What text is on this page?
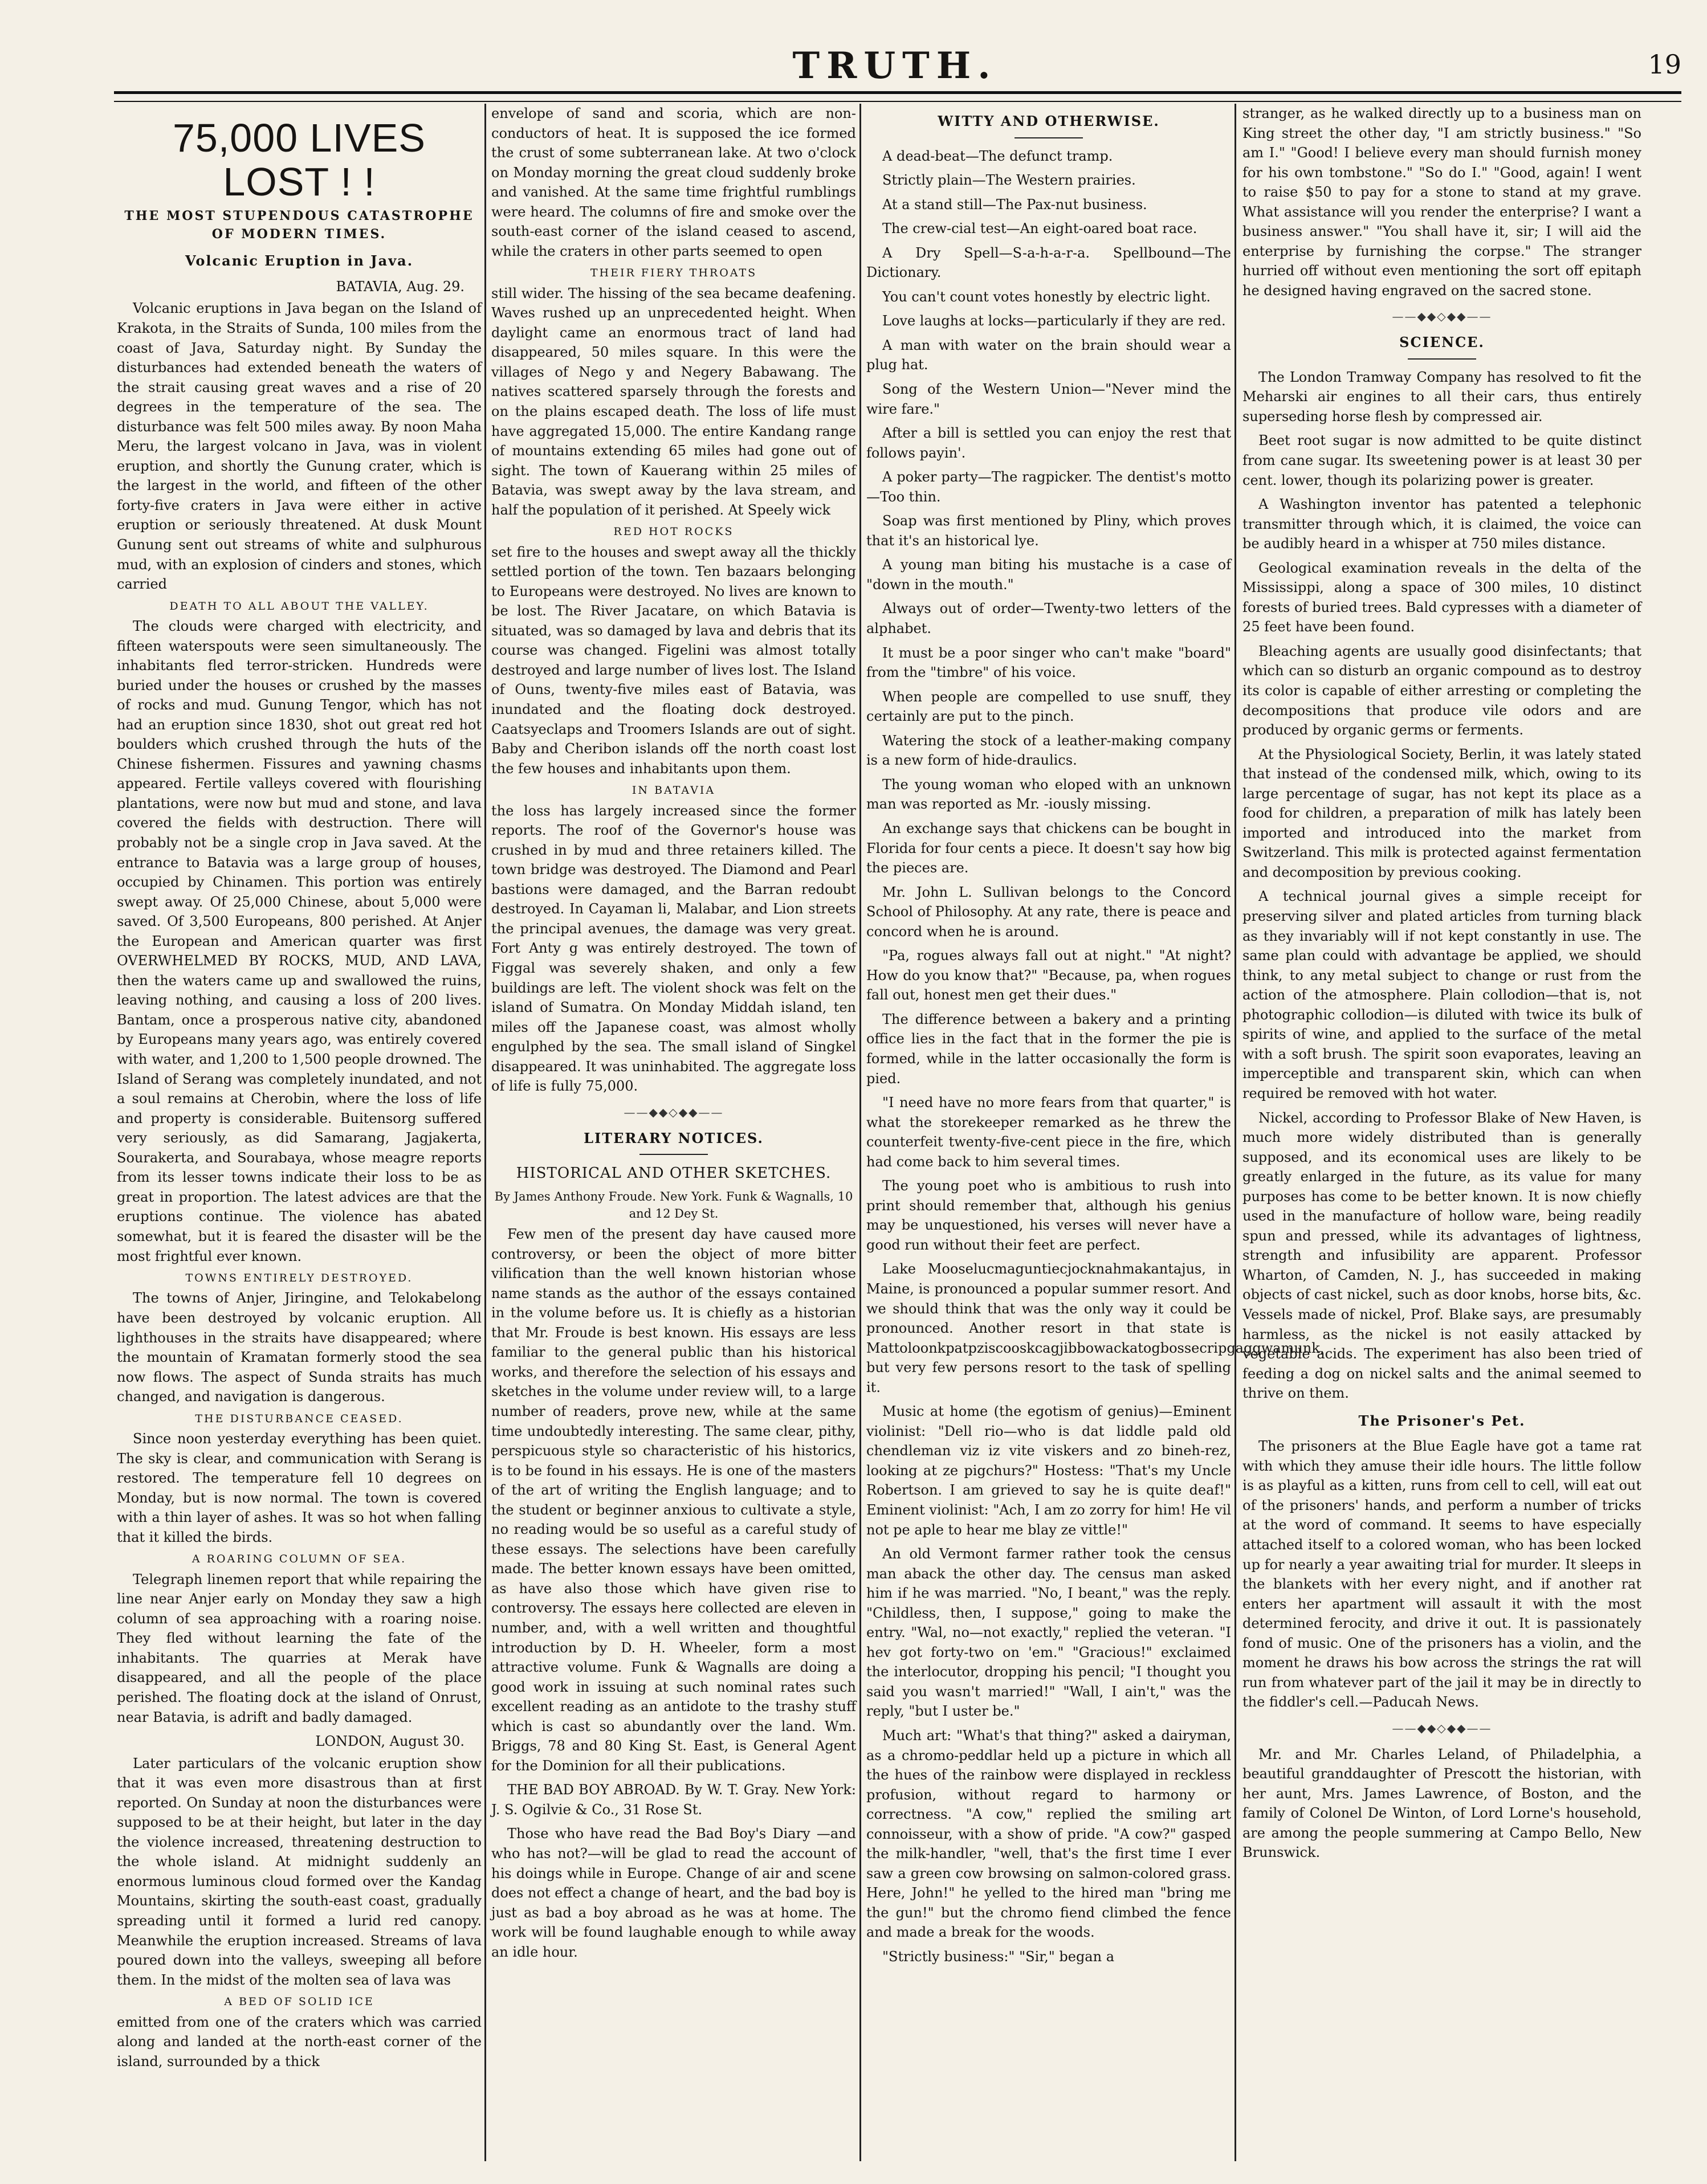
TRUTH.	19
75,000 LIVES LOST ! !
THE MOST STUPENDOUS CATASTROPHE OF MODERN TIMES.
Volcanic Eruption in Java.
BATAVIA, Aug. 29.

Volcanic eruptions in Java began on the Island of Krakota, in the Straits of Sunda, 100 miles from the coast of Java, Saturday night. By Sunday the disturbances had extended beneath the waters of the strait causing great waves and a rise of 20 degrees in the temperature of the sea. The disturbance was felt 500 miles away. By noon Maha Meru, the largest volcano in Java, was in violent eruption, and shortly the Gunung crater, which is the largest in the world, and fifteen of the other forty-five craters in Java were either in active eruption or seriously threatened. At dusk Mount Gunung sent out streams of white and sulphurous mud, with an explosion of cinders and stones, which carried

DEATH TO ALL ABOUT THE VALLEY.

The clouds were charged with electricity, and fifteen waterspouts were seen simultaneously. The inhabitants fled terror-stricken. Hundreds were buried under the houses or crushed by the masses of rocks and mud. Gunung Tengor, which has not had an eruption since 1830, shot out great red hot boulders which crushed through the huts of the Chinese fishermen. Fissures and yawning chasms appeared. Fertile valleys covered with flourishing plantations, were now but mud and stone, and lava covered the fields with destruction. There will probably not be a single crop in Java saved. At the entrance to Batavia was a large group of houses, occupied by Chinamen. This portion was entirely swept away. Of 25,000 Chinese, about 5,000 were saved. Of 3,500 Europeans, 800 perished. At Anjer the European and American quarter was first OVERWHELMED BY ROCKS, MUD, AND LAVA, then the waters came up and swallowed the ruins, leaving nothing, and causing a loss of 200 lives. Bantam, once a prosperous native city, abandoned by Europeans many years ago, was entirely covered with water, and 1,200 to 1,500 people drowned. The Island of Serang was completely inundated, and not a soul remains at Cherobin, where the loss of life and property is considerable. Buitensorg suffered very seriously, as did Samarang, Jagjakerta, Sourakerta, and Sourabaya, whose meagre reports from its lesser towns indicate their loss to be as great in proportion. The latest advices are that the eruptions continue. The violence has abated somewhat, but it is feared the disaster will be the most frightful ever known.

TOWNS ENTIRELY DESTROYED.

The towns of Anjer, Jiringine, and Telokabelong have been destroyed by volcanic eruption. All lighthouses in the straits have disappeared; where the mountain of Kramatan formerly stood the sea now flows. The aspect of Sunda straits has much changed, and navigation is dangerous.

THE DISTURBANCE CEASED.

Since noon yesterday everything has been quiet. The sky is clear, and communication with Serang is restored. The temperature fell 10 degrees on Monday, but is now normal. The town is covered with a thin layer of ashes. It was so hot when falling that it killed the birds.

A ROARING COLUMN OF SEA.

Telegraph linemen report that while repairing the line near Anjer early on Monday they saw a high column of sea approaching with a roaring noise. They fled without learning the fate of the inhabitants. The quarries at Merak have disappeared, and all the people of the place perished. The floating dock at the island of Onrust, near Batavia, is adrift and badly damaged.

LONDON, August 30.

Later particulars of the volcanic eruption show that it was even more disastrous than at first reported. On Sunday at noon the disturbances were supposed to be at their height, but later in the day the violence increased, threatening destruction to the whole island. At midnight suddenly an enormous luminous cloud formed over the Kandag Mountains, skirting the south-east coast, gradually spreading until it formed a lurid red canopy. Meanwhile the eruption increased. Streams of lava poured down into the valleys, sweeping all before them. In the midst of the molten sea of lava was

A BED OF SOLID ICE

emitted from one of the craters which was carried along and landed at the north-east corner of the island, surrounded by a thick

envelope of sand and scoria, which are non-conductors of heat. It is supposed the ice formed the crust of some subterranean lake. At two o'clock on Monday morning the great cloud suddenly broke and vanished. At the same time frightful rumblings were heard. The columns of fire and smoke over the south-east corner of the island ceased to ascend, while the craters in other parts seemed to open

THEIR FIERY THROATS

still wider. The hissing of the sea became deafening. Waves rushed up an unprecedented height. When daylight came an enormous tract of land had disappeared, 50 miles square. In this were the villages of Nego y and Negery Babawang. The natives scattered sparsely through the forests and on the plains escaped death. The loss of life must have aggregated 15,000. The entire Kandang range of mountains extending 65 miles had gone out of sight. The town of Kauerang within 25 miles of Batavia, was swept away by the lava stream, and half the population of it perished. At Speely wick

RED HOT ROCKS

set fire to the houses and swept away all the thickly settled portion of the town. Ten bazaars belonging to Europeans were destroyed. No lives are known to be lost. The River Jacatare, on which Batavia is situated, was so damaged by lava and debris that its course was changed. Figelini was almost totally destroyed and large number of lives lost. The Island of Ouns, twenty-five miles east of Batavia, was inundated and the floating dock destroyed. Caatsyeclaps and Troomers Islands are out of sight. Baby and Cheribon islands off the north coast lost the few houses and inhabitants upon them.

IN BATAVIA

the loss has largely increased since the former reports. The roof of the Governor's house was crushed in by mud and three retainers killed. The town bridge was destroyed. The Diamond and Pearl bastions were damaged, and the Barran redoubt destroyed. In Cayaman li, Malabar, and Lion streets the principal avenues, the damage was very great. Fort Anty g was entirely destroyed. The town of Figgal was severely shaken, and only a few buildings are left. The violent shock was felt on the island of Sumatra. On Monday Middah island, ten miles off the Japanese coast, was almost wholly engulphed by the sea. The small island of Singkel disappeared. It was uninhabited. The aggregate loss of life is fully 75,000.

——◆◆◇◆◆——
LITERARY NOTICES.
HISTORICAL AND OTHER SKETCHES.
By James Anthony Froude. New York. Funk & Wagnalls, 10 and 12 Dey St.

Few men of the present day have caused more controversy, or been the object of more bitter vilification than the well known historian whose name stands as the author of the essays contained in the volume before us. It is chiefly as a historian that Mr. Froude is best known. His essays are less familiar to the general public than his historical works, and therefore the selection of his essays and sketches in the volume under review will, to a large number of readers, prove new, while at the same time undoubtedly interesting. The same clear, pithy, perspicuous style so characteristic of his historics, is to be found in his essays. He is one of the masters of the art of writing the English language; and to the student or beginner anxious to cultivate a style, no reading would be so useful as a careful study of these essays. The selections have been carefully made. The better known essays have been omitted, as have also those which have given rise to controversy. The essays here collected are eleven in number, and, with a well written and thoughtful introduction by D. H. Wheeler, form a most attractive volume. Funk & Wagnalls are doing a good work in issuing at such nominal rates such excellent reading as an antidote to the trashy stuff which is cast so abundantly over the land. Wm. Briggs, 78 and 80 King St. East, is General Agent for the Dominion for all their publications.

THE BAD BOY ABROAD. By W. T. Gray. New York: J. S. Ogilvie & Co., 31 Rose St.

Those who have read the Bad Boy's Diary —and who has not?—will be glad to read the account of his doings while in Europe. Change of air and scene does not effect a change of heart, and the bad boy is just as bad a boy abroad as he was at home. The work will be found laughable enough to while away an idle hour.

WITTY AND OTHERWISE.

A dead-beat—The defunct tramp.

Strictly plain—The Western prairies.

At a stand still—The Pax-nut business.

The crew-cial test—An eight-oared boat race.

A Dry Spell—S-a-h-a-r-a. Spellbound—The Dictionary.

You can't count votes honestly by electric light.

Love laughs at locks—particularly if they are red.

A man with water on the brain should wear a plug hat.

Song of the Western Union—"Never mind the wire fare."

After a bill is settled you can enjoy the rest that follows payin'.

A poker party—The ragpicker. The dentist's motto—Too thin.

Soap was first mentioned by Pliny, which proves that it's an historical lye.

A young man biting his mustache is a case of "down in the mouth."

Always out of order—Twenty-two letters of the alphabet.

It must be a poor singer who can't make "board" from the "timbre" of his voice.

When people are compelled to use snuff, they certainly are put to the pinch.

Watering the stock of a leather-making company is a new form of hide-draulics.

The young woman who eloped with an unknown man was reported as Mr. -iously missing.

An exchange says that chickens can be bought in Florida for four cents a piece. It doesn't say how big the pieces are.

Mr. John L. Sullivan belongs to the Concord School of Philosophy. At any rate, there is peace and concord when he is around.

"Pa, rogues always fall out at night." "At night? How do you know that?" "Because, pa, when rogues fall out, honest men get their dues."

The difference between a bakery and a printing office lies in the fact that in the former the pie is formed, while in the latter occasionally the form is pied.

"I need have no more fears from that quarter," is what the storekeeper remarked as he threw the counterfeit twenty-five-cent piece in the fire, which had come back to him several times.

The young poet who is ambitious to rush into print should remember that, although his genius may be unquestioned, his verses will never have a good run without their feet are perfect.

Lake Mooselucmaguntiecjocknahmakantajus, in Maine, is pronounced a popular summer resort. And we should think that was the only way it could be pronounced. Another resort in that state is Mattoloonkpatpziscooskcagjibbowackatogbossecripgaggwamunk, but very few persons resort to the task of spelling it.

Music at home (the egotism of genius)—Eminent violinist: "Dell rio—who is dat liddle pald old chendleman viz iz vite viskers and zo bineh-rez, looking at ze pigchurs?" Hostess: "That's my Uncle Robertson. I am grieved to say he is quite deaf!" Eminent violinist: "Ach, I am zo zorry for him! He vil not pe aple to hear me blay ze vittle!"

An old Vermont farmer rather took the census man aback the other day. The census man asked him if he was married. "No, I beant," was the reply. "Childless, then, I suppose," going to make the entry. "Wal, no—not exactly," replied the veteran. "I hev got forty-two on 'em." "Gracious!" exclaimed the interlocutor, dropping his pencil; "I thought you said you wasn't married!" "Wall, I ain't," was the reply, "but I uster be."

Much art: "What's that thing?" asked a dairyman, as a chromo-peddlar held up a picture in which all the hues of the rainbow were displayed in reckless profusion, without regard to harmony or correctness. "A cow," replied the smiling art connoisseur, with a show of pride. "A cow?" gasped the milk-handler, "well, that's the first time I ever saw a green cow browsing on salmon-colored grass. Here, John!" he yelled to the hired man "bring me the gun!" but the chromo fiend climbed the fence and made a break for the woods.

"Strictly business:" "Sir," began a

stranger, as he walked directly up to a business man on King street the other day, "I am strictly business." "So am I." "Good! I believe every man should furnish money for his own tombstone." "So do I." "Good, again! I went to raise $50 to pay for a stone to stand at my grave. What assistance will you render the enterprise? I want a business answer." "You shall have it, sir; I will aid the enterprise by furnishing the corpse." The stranger hurried off without even mentioning the sort off epitaph he designed having engraved on the sacred stone.

——◆◆◇◆◆——
SCIENCE.

The London Tramway Company has resolved to fit the Meharski air engines to all their cars, thus entirely superseding horse flesh by compressed air.

Beet root sugar is now admitted to be quite distinct from cane sugar. Its sweetening power is at least 30 per cent. lower, though its polarizing power is greater.

A Washington inventor has patented a telephonic transmitter through which, it is claimed, the voice can be audibly heard in a whisper at 750 miles distance.

Geological examination reveals in the delta of the Mississippi, along a space of 300 miles, 10 distinct forests of buried trees. Bald cypresses with a diameter of 25 feet have been found.

Bleaching agents are usually good disinfectants; that which can so disturb an organic compound as to destroy its color is capable of either arresting or completing the decompositions that produce vile odors and are produced by organic germs or ferments.

At the Physiological Society, Berlin, it was lately stated that instead of the condensed milk, which, owing to its large percentage of sugar, has not kept its place as a food for children, a preparation of milk has lately been imported and introduced into the market from Switzerland. This milk is protected against fermentation and decomposition by previous cooking.

A technical journal gives a simple receipt for preserving silver and plated articles from turning black as they invariably will if not kept constantly in use. The same plan could with advantage be applied, we should think, to any metal subject to change or rust from the action of the atmosphere. Plain collodion—that is, not photographic collodion—is diluted with twice its bulk of spirits of wine, and applied to the surface of the metal with a soft brush. The spirit soon evaporates, leaving an imperceptible and transparent skin, which can when required be removed with hot water.

Nickel, according to Professor Blake of New Haven, is much more widely distributed than is generally supposed, and its economical uses are likely to be greatly enlarged in the future, as its value for many purposes has come to be better known. It is now chiefly used in the manufacture of hollow ware, being readily spun and pressed, while its advantages of lightness, strength and infusibility are apparent. Professor Wharton, of Camden, N. J., has succeeded in making objects of cast nickel, such as door knobs, horse bits, &c. Vessels made of nickel, Prof. Blake says, are presumably harmless, as the nickel is not easily attacked by vegetable acids. The experiment has also been tried of feeding a dog on nickel salts and the animal seemed to thrive on them.

The Prisoner's Pet.

The prisoners at the Blue Eagle have got a tame rat with which they amuse their idle hours. The little follow is as playful as a kitten, runs from cell to cell, will eat out of the prisoners' hands, and perform a number of tricks at the word of command. It seems to have especially attached itself to a colored woman, who has been locked up for nearly a year awaiting trial for murder. It sleeps in the blankets with her every night, and if another rat enters her apartment will assault it with the most determined ferocity, and drive it out. It is passionately fond of music. One of the prisoners has a violin, and the moment he draws his bow across the strings the rat will run from whatever part of the jail it may be in directly to the fiddler's cell.—Paducah News.

——◆◆◇◆◆——

Mr. and Mr. Charles Leland, of Philadelphia, a beautiful granddaughter of Prescott the historian, with her aunt, Mrs. James Lawrence, of Boston, and the family of Colonel De Winton, of Lord Lorne's household, are among the people summering at Campo Bello, New Brunswick.
